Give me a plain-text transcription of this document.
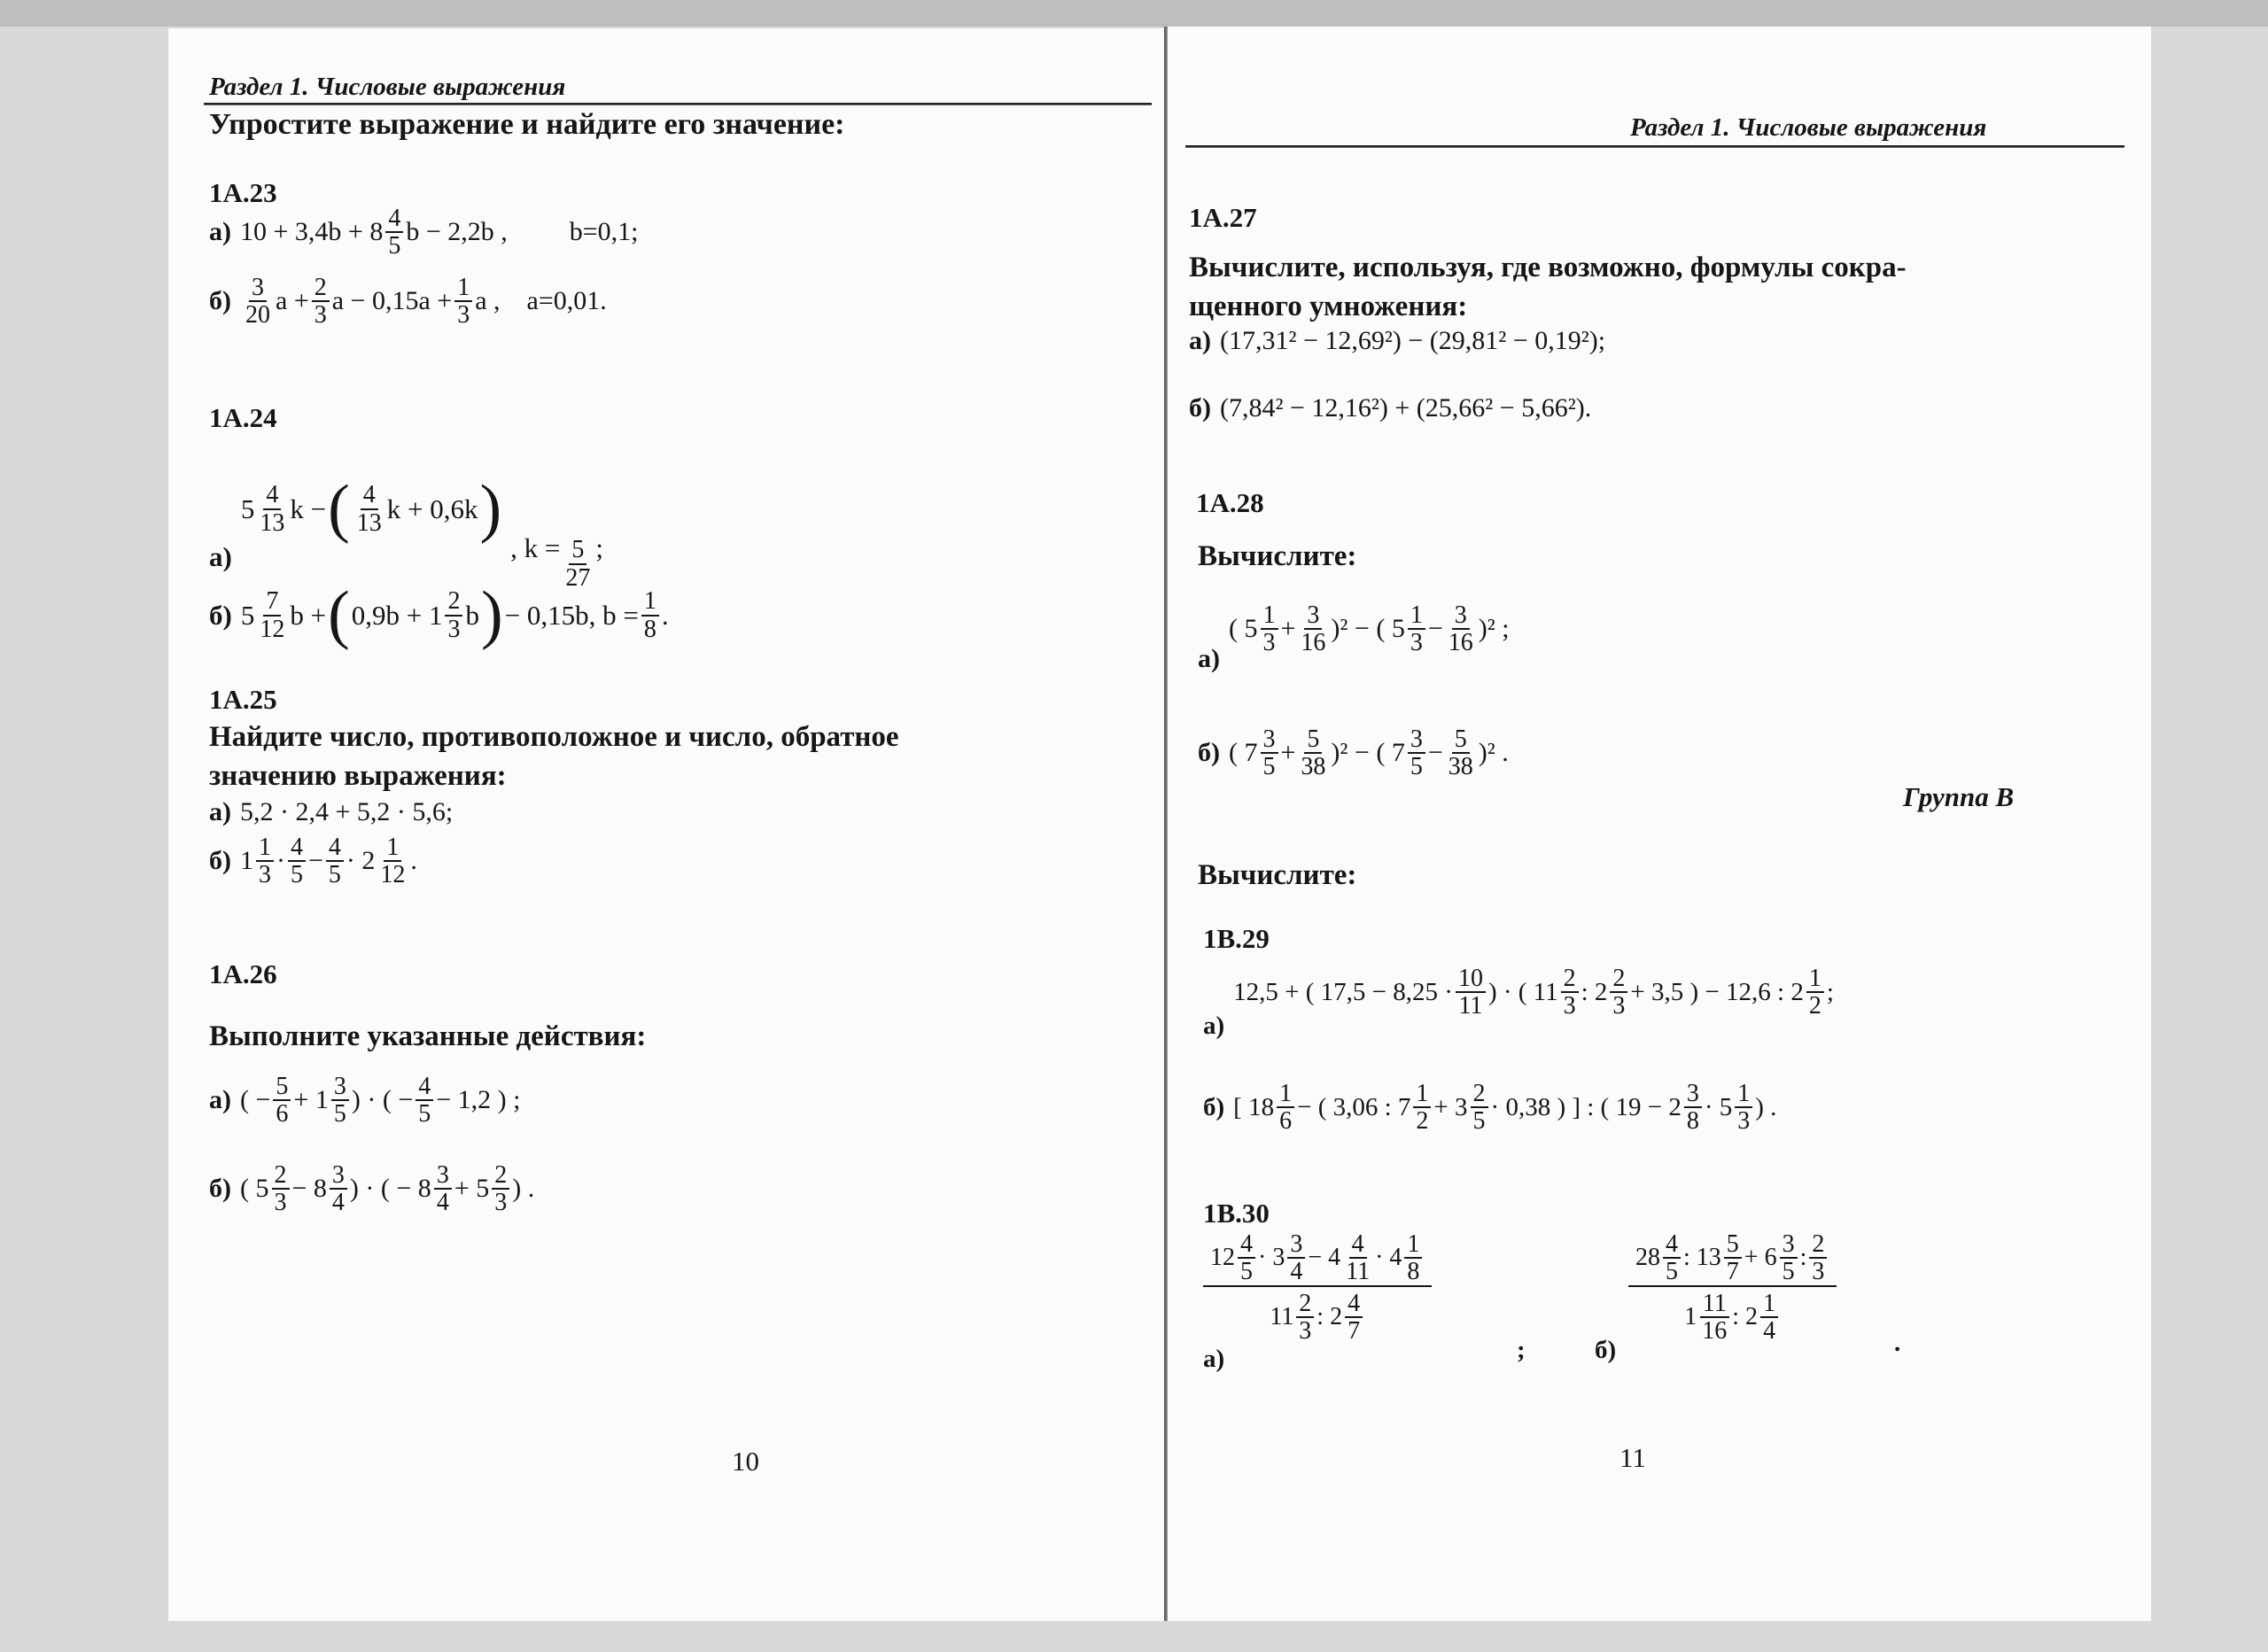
Раздел 1. Числовые выражения
Упростите выражение и найдите его значение:
1А.23
а) $10 + 3,4b + 8 \frac{4}{5}$ b − 2,2b , b=0,1;
$б) \frac{3}{20}$ $a + \frac{2}{3}$ $a - 0,15a + \frac{1}{3}$ a , a=0,01.
1А.24
а)
$5 \frac{4}{13}$ k − ( $\frac{4}{13}$ k + 0,6k )
, $k = \frac{5}{27}$ ;
б) $5 \frac{7}{12}$ b + ( $0,9b + 1 \frac{2}{3}$ b ) − 0,15b, $b = \frac{1}{8}$ .
1А.25
Найдите число, противоположное и число, обратное
значению выражения:
а) 5,2 · 2,4 + 5,2 · 5,6;
б) $1 \frac{1}{3} \cdot \frac{4}{5} - \frac{4}{5} \cdot 2 \frac{1}{12}$ .
1А.26
Выполните указанные действия:
а) ( − $\frac{5}{6} + 1 \frac{3}{5}$ ) · ( − $\frac{4}{5} - 1,2$ ) ;
б) ( $5 \frac{2}{3} - 8 \frac{3}{4}$ ) · ( − $8 \frac{3}{4} + 5 \frac{2}{3}$ ) .
10
Раздел 1. Числовые выражения
1А.27
Вычислите, используя, где возможно, формулы сокра-
щенного умножения:
а) (17,31² − 12,69²) − (29,81² − 0,19²);
б) (7,84² − 12,16²) + (25,66² − 5,66²).
1А.28
Вычислите:
а)
( $5 \frac{1}{3} + \frac{3}{16} )^2$ − ( $5 \frac{1}{3} - \frac{3}{16} )^2$ ;
б) ( $7 \frac{3}{5} + \frac{5}{38} )^2$ − ( $7 \frac{3}{5} - \frac{5}{38} )^2$ .
Группа В
Вычислите:
1В.29
а)
12,5 + ( $17,5 - 8,25 \cdot \frac{10}{11}$ ) · ( $11 \frac{2}{3}$ : $2 \frac{2}{3} + 3,5$ ) − 12,6 : $2 \frac{1}{2}$ ;
б) [ $18 \frac{1}{6}$ − ( 3,06 : $7 \frac{1}{2} + 3 \frac{2}{5} \cdot 0,38$ ) ] : ( $19 - 2 \frac{3}{8} \cdot 5 \frac{1}{3}$ ) .
1В.30
$12 \frac{4}{5} \cdot 3 \frac{3}{4} - 4 \frac{4}{11} \cdot 4 \frac{1}{8}$
$11 \frac{2}{3}$ : $2 \frac{4}{7}$
а)	;	б)
$28 \frac{4}{5}$ : $13 \frac{5}{7} + 6 \frac{3}{5}$ : $\frac{2}{3}$
$1 \frac{11}{16}$ : $2 \frac{1}{4}$	.
11
